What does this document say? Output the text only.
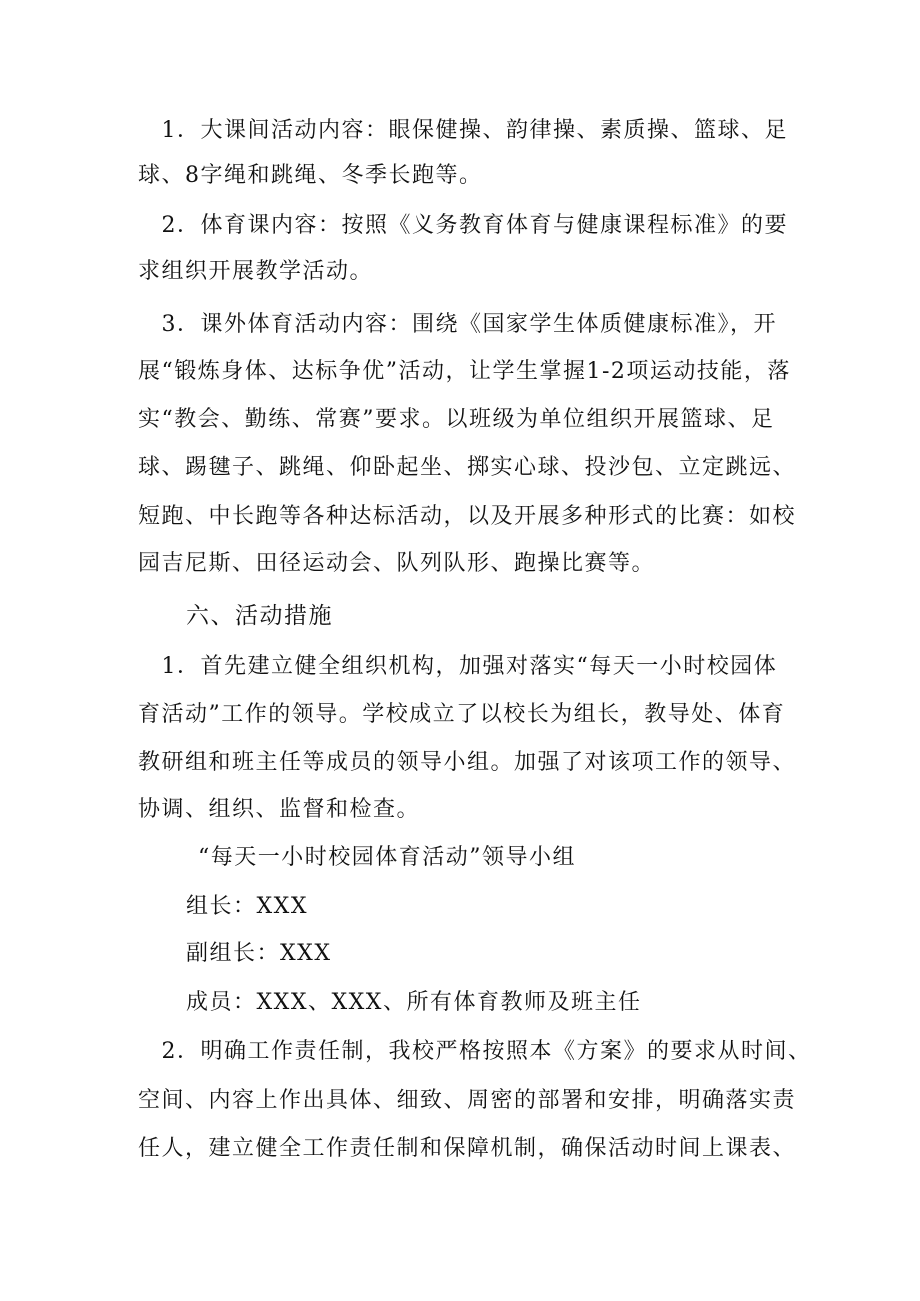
　1．大课间活动内容：眼保健操、韵律操、素质操、篮球、足
球、8字绳和跳绳、冬季长跑等。
　2．体育课内容：按照《义务教育体育与健康课程标准》的要
求组织开展教学活动。
　3．课外体育活动内容：围绕《国家学生体质健康标准》，开
展“锻炼身体、达标争优”活动，让学生掌握1-2项运动技能，落
实“教会、勤练、常赛”要求。以班级为单位组织开展篮球、足
球、踢毽子、跳绳、仰卧起坐、掷实心球、投沙包、立定跳远、
短跑、中长跑等各种达标活动，以及开展多种形式的比赛：如校
园吉尼斯、田径运动会、队列队形、跑操比赛等。
六、活动措施
　1．首先建立健全组织机构，加强对落实“每天一小时校园体
育活动”工作的领导。学校成立了以校长为组长，教导处、体育
教研组和班主任等成员的领导小组。加强了对该项工作的领导、
协调、组织、监督和检查。
“每天一小时校园体育活动”领导小组
组长：XXX
副组长：XXX
成员：XXX、XXX、所有体育教师及班主任
　2．明确工作责任制，我校严格按照本《方案》的要求从时间、
空间、内容上作出具体、细致、周密的部署和安排，明确落实责
任人，建立健全工作责任制和保障机制，确保活动时间上课表、
